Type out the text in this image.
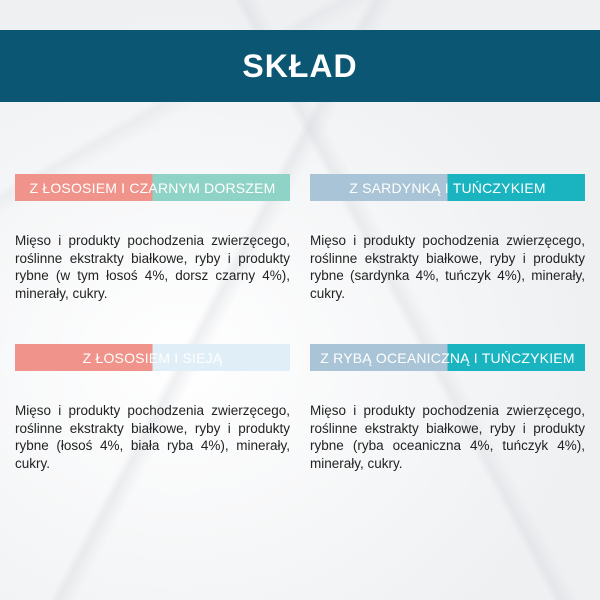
SKŁAD
Z ŁOSOSIEM I CZARNYM DORSZEM
Mięso i produkty pochodzenia zwierzęcego, roślinne ekstrakty białkowe, ryby i produkty rybne (w tym łosoś 4%, dorsz czarny 4%), minerały, cukry.
Z SARDYNKĄ I TUŃCZYKIEM
Mięso i produkty pochodzenia zwierzęcego, roślinne ekstrakty białkowe, ryby i produkty rybne (sardynka 4%, tuńczyk 4%), minerały, cukry.
Z ŁOSOSIEM I SIEJĄ
Mięso i produkty pochodzenia zwierzęcego, roślinne ekstrakty białkowe, ryby i produkty rybne (łosoś 4%, biała ryba 4%), minerały, cukry.
Z RYBĄ OCEANICZNĄ I TUŃCZYKIEM
Mięso i produkty pochodzenia zwierzęcego, roślinne ekstrakty białkowe, ryby i produkty rybne (ryba oceaniczna 4%, tuńczyk 4%), minerały, cukry.
